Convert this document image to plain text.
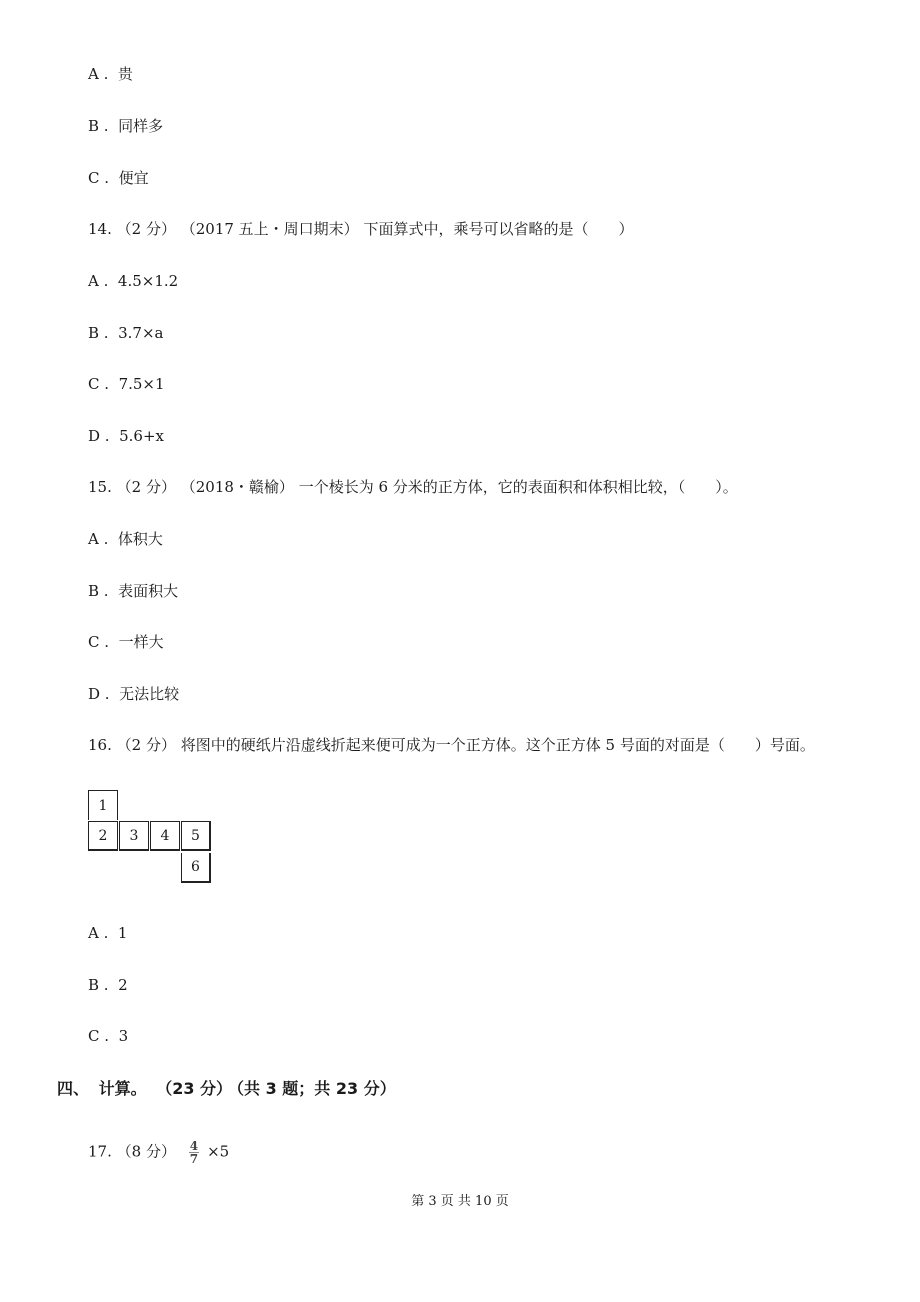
A .  贵
B .  同样多
C .  便宜
14. （2 分） （2017 五上・周口期末） 下面算式中，乘号可以省略的是（　　）
A .  4.5×1.2
B .  3.7×a
C .  7.5×1
D .  5.6+x
15. （2 分） （2018・赣榆） 一个棱长为 6 分米的正方体，它的表面积和体积相比较，（　　）。
A .  体积大
B .  表面积大
C .  一样大
D .  无法比较
16. （2 分） 将图中的硬纸片沿虚线折起来便可成为一个正方体。这个正方体 5 号面的对面是（　　）号面。
1
2	3	4	5
6
A .  1
B .  2
C .  3
四、 计算。 （23 分） （共 3 题；共 23 分）
17. （8 分） $\frac{4}{7} \times 5$
第 3 页 共 10 页
